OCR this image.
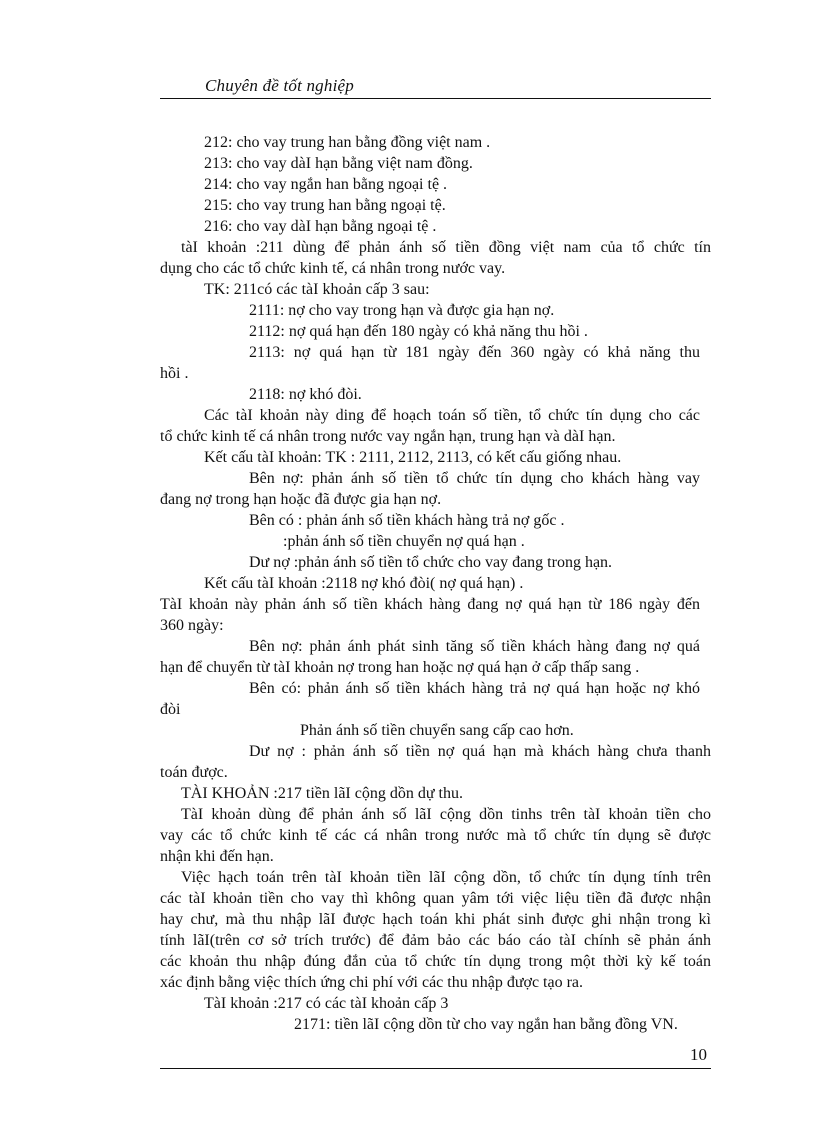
Chuyên đề tốt nghiệp
212: cho vay trung han bằng đồng việt nam .
213: cho vay dàI hạn bằng việt nam đồng.
214: cho vay ngắn han bằng ngoại tệ .
215: cho vay trung han bằng ngoại tệ.
216: cho vay dàI hạn bằng ngoại tệ .
tàI khoản :211 dùng để phản ánh số tiền đồng việt nam của tổ chức tín
dụng cho các tổ chức kinh tế, cá nhân trong nước vay.
TK: 211có các tàI khoản cấp 3 sau:
2111: nợ cho vay trong hạn và được gia hạn nợ.
2112: nợ quá hạn đến 180 ngày có khả năng thu hồi .
2113: nợ quá hạn từ 181 ngày đến 360 ngày có khả năng thu
hồi .
2118: nợ khó đòi.
Các tàI khoản này ding để hoạch toán số tiền, tổ chức tín dụng cho các
tổ chức kinh tế cá nhân trong nước vay ngắn hạn, trung hạn và dàI hạn.
Kết cấu tàI khoản: TK : 2111, 2112, 2113, có kết cấu giống nhau.
Bên nợ: phản ánh số tiền tổ chức tín dụng cho khách hàng vay
đang nợ trong hạn hoặc đã được gia hạn nợ.
Bên có : phản ánh số tiền khách hàng trả nợ gốc .
:phản ánh số tiền chuyển nợ quá hạn .
Dư nợ :phản ánh số tiền tổ chức cho vay đang trong hạn.
Kết cấu tàI khoản :2118 nợ khó đòi( nợ quá hạn) .
TàI khoản này phản ánh số tiền khách hàng đang nợ quá hạn từ 186 ngày đến
360 ngày:
Bên nợ: phản ánh phát sinh tăng số tiền khách hàng đang nợ quá
hạn để chuyển từ tàI khoản nợ trong han hoặc nợ quá hạn ở cấp thấp sang .
Bên có: phản ánh số tiền khách hàng trả nợ quá hạn hoặc nợ khó
đòi
Phản ánh số tiền chuyển sang cấp cao hơn.
Dư nợ : phản ánh số tiền nợ quá hạn mà khách hàng chưa thanh
toán được.
TÀI KHOẢN :217 tiền lãI cộng dồn dự thu.
TàI khoản dùng để phản ánh số lãI cộng dồn tinhs trên tàI khoản tiền cho
vay các tổ chức kinh tế các cá nhân trong nước mà tổ chức tín dụng sẽ được
nhận khi đến hạn.
Việc hạch toán trên tàI khoản tiền lãI cộng dồn, tổ chức tín dụng tính trên
các tàI khoản tiền cho vay thì không quan yâm tới việc liệu tiền đã được nhận
hay chư, mà thu nhập lãI được hạch toán khi phát sinh được ghi nhận trong kì
tính lãI(trên cơ sở trích trước) để đảm bảo các báo cáo tàI chính sẽ phản ánh
các khoản thu nhập đúng đắn của tổ chức tín dụng trong một thời kỳ kế toán
xác định bằng việc thích ứng chi phí với các thu nhập được tạo ra.
TàI khoản :217 có các tàI khoản cấp 3
2171: tiền lãI cộng dồn từ cho vay ngắn han bằng đồng VN.
10
